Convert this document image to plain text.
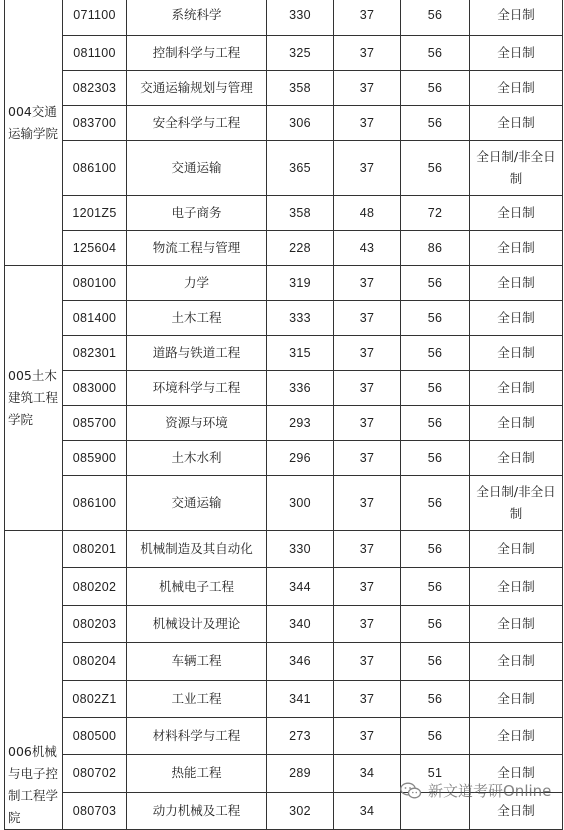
004交通运输学院	071100	系统科学	330	37	56	全日制
	081100	控制科学与工程	325	37	56	全日制
	082303	交通运输规划与管理	358	37	56	全日制
	083700	安全科学与工程	306	37	56	全日制
	086100	交通运输	365	37	56	全日制/非全日制
	1201Z5	电子商务	358	48	72	全日制
	125604	物流工程与管理	228	43	86	全日制
005土木建筑工程学院	080100	力学	319	37	56	全日制
	081400	土木工程	333	37	56	全日制
	082301	道路与铁道工程	315	37	56	全日制
	083000	环境科学与工程	336	37	56	全日制
	085700	资源与环境	293	37	56	全日制
	085900	土木水利	296	37	56	全日制
	086100	交通运输	300	37	56	全日制/非全日制
006机械与电子控制工程学院	080201	机械制造及其自动化	330	37	56	全日制
	080202	机械电子工程	344	37	56	全日制
	080203	机械设计及理论	340	37	56	全日制
	080204	车辆工程	346	37	56	全日制
	0802Z1	工业工程	341	37	56	全日制
	080500	材料科学与工程	273	37	56	全日制
	080702	热能工程	289	34	51	全日制
	080703	动力机械及工程	302	34		全日制
新文道考研Online
